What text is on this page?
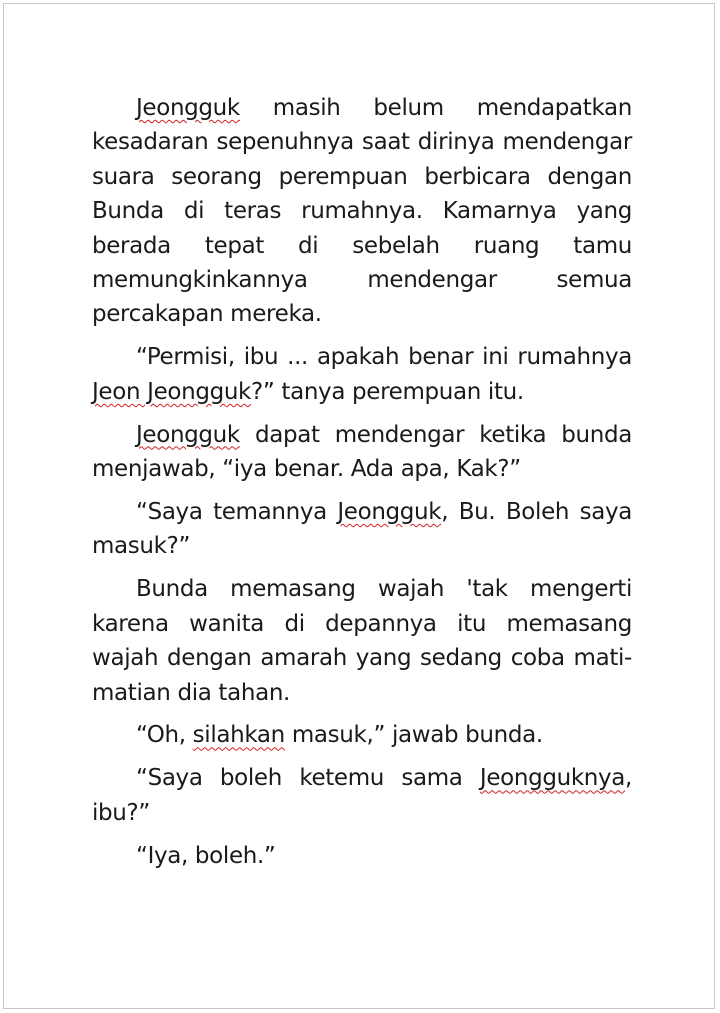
Jeongguk masih belum mendapatkan kesadaran sepenuhnya saat dirinya mendengar suara seorang perempuan berbicara dengan Bunda di teras rumahnya. Kamarnya yang berada tepat di sebelah ruang tamu memungkinkannya mendengar semua percakapan mereka.

“Permisi, ibu ... apakah benar ini rumahnya Jeon Jeongguk?” tanya perempuan itu.

Jeongguk dapat mendengar ketika bunda menjawab, “iya benar. Ada apa, Kak?”

“Saya temannya Jeongguk, Bu. Boleh saya masuk?”

Bunda memasang wajah 'tak mengerti karena wanita di depannya itu memasang wajah dengan amarah yang sedang coba mati-matian dia tahan.

“Oh, silahkan masuk,” jawab bunda.

“Saya boleh ketemu sama Jeongguknya, ibu?”

“Iya, boleh.”
